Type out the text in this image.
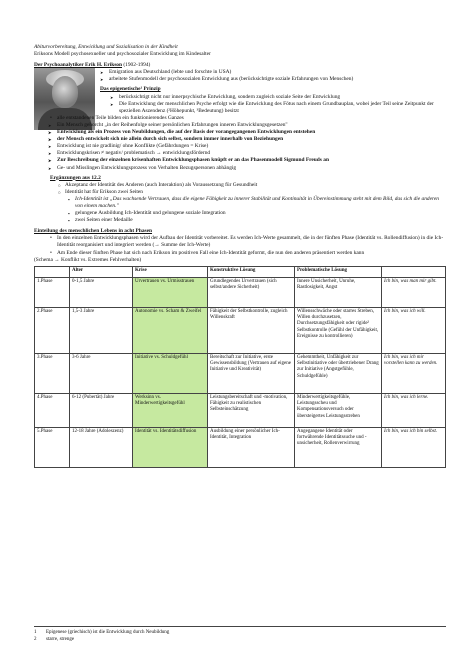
Abiturvorbereitung, Entwicklung und Sozialisation in der Kindheit
Eriksons Modell psychosexueller und psychosozialer Entwicklung im Kindesalter
Der Psychoanalytiker Erik H. Erikson (1902-1994)
➤ Emigration aus Deutschland (lebte und forschte in USA)
➤ arbeitete Stufenmodell der psychosozialen Entwicklung aus (berücksichtigte soziale Erfahrungen von Menschen)
Das epigenetische¹ Prinzip
➤ berücksichtigt nicht nur innerpsychische Entwicklung, sondern zugleich soziale Seite der Entwicklung
➤ Die Entwicklung der menschlichen Psyche erfolgt wie die Entwicklung des Fötus nach einem Grundbauplan, wobei jeder Teil seine Zeitpunkt der speziellen Aszendenz (²Höhepunkt, ³Bedeutung) besitzt
• alle entstandenen Teile bilden ein funktionierendes Ganzes
➤ Ein Mensch gehorcht „in der Reihenfolge seiner persönlichen Erfahrungen inneren Entwicklungsgesetzen"
➤ Entwicklung als ein Prozess von Neubildungen, die auf der Basis der vorangegangenen Entwicklungen entstehen
➤ der Mensch entwickelt sich nie allein durch sich selbst, sondern immer innerhalb von Beziehungen
➤ Entwicklung ist nie gradlinig/ ohne Konflikte (Gefährdungen = Krise)
➤ Entwicklungskrisen ≠ negativ/ problematisch → entwicklungsfördernd
➤ Zur Beschreibung der einzelnen krisenhaften Entwicklungsphasen knüpft er an das Phasenmodell Sigmund Freuds an
➤ Ge- und Misslingen Entwicklungsprozess von Verhalten Bezugspersonen abhängig
Ergänzungen aus 12.2
○ Akzeptanz der Identität des Anderen (auch Interaktion) als Voraussetzung für Gesundheit
○ Identität hat für Erikson zwei Seiten
▪ Ich-Identität ist „Das wachsende Vertrauen, dass die eigene Fähigkeit zu innerer Stabilität und Kontinuität in Übereinstimmung steht mit dem Bild, das sich die anderen von einem machen."
▪ gelungene Ausbildung Ich-Identität und gelungene soziale Integration
▪ zwei Seiten einer Medaille
Einteilung des menschlichen Lebens in acht Phasen
• In den einzelnen Entwicklungsphasen wird der Aufbau der Identität vorbereitet. Es werden Ich-Werte gesammelt, die in der fünften Phase (Identität vs. Rollendiffusion) in die Ich-Identität reorganisiert und integriert werden (→ Summe der Ich-Werte)
• Am Ende dieser fünften Phase hat sich nach Erikson im positiven Fall eine Ich-Identität geformt, die nun den anderen präsentiert werden kann
(Schema → Konflikt vs. Extremes Fehlverhalten)
	Alter	Krise	Konstruktive Lösung	Problematische Lösung	
1.Phase	0-1,5 Jahre	Urvertrauen vs. Urmisstrauen	Grundlegendes Urvertrauen (sich selbst/andere Sicherheit)	Innere Unsicherheit, Unruhe, Rastlosigkeit, Angst	Ich bin, was man mir gibt.
2.Phase	1,5-3 Jahre	Autonomie vs. Scham & Zweifel	Fähigkeit der Selbstkontrolle, zugleich Willenskraft	Willensschwäche oder starres Streben, Willen durchzusetzen, Durchsetzungsfähigkeit oder rigide² Selbstkontrolle (Gefühl der Unfähigkeit, Ereignisse zu kontrollieren)	Ich bin, was ich will.
3.Phase	3-6 Jahre	Initiative vs. Schuldgefühl	Bereitschaft zur Initiative, erste Gewissensbildung (Vertrauen auf eigene Initiative und Kreativität)	Gehemmtheit, Unfähigkeit zur Selbstinitiative oder übertriebener Drang zur Initiative (Angstgefühle, Schuldgefühle)	Ich bin, was ich mir vorstellen kann zu werden.
4.Phase	6-12 (Pubertät) Jahre	Werksinn vs. Minderwertigkeitsgefühl	Leistungsbereitschaft und -motivation, Fähigkeit zu realistischen Selbsteinschätzung	Minderwertigkeitsgefühle, Leistungsscheu und Kompensationsversuch oder übersteigertes Leistungsstreben	Ich bin, was ich lerne.
5.Phase	12-18 Jahre (Adoleszenz)	Identität vs. Identitätsdiffusion	Ausbildung einer persönlicher Ich-Identität, Integration	Angegangene Identität oder fortwährende Identitätssuche und -unsicherheit, Rollenverwirrung	Ich bin, was ich bin selbst.
1 Epigenese (griechisch) ist die Entwicklung durch Neubildung
2 starre, strenge
